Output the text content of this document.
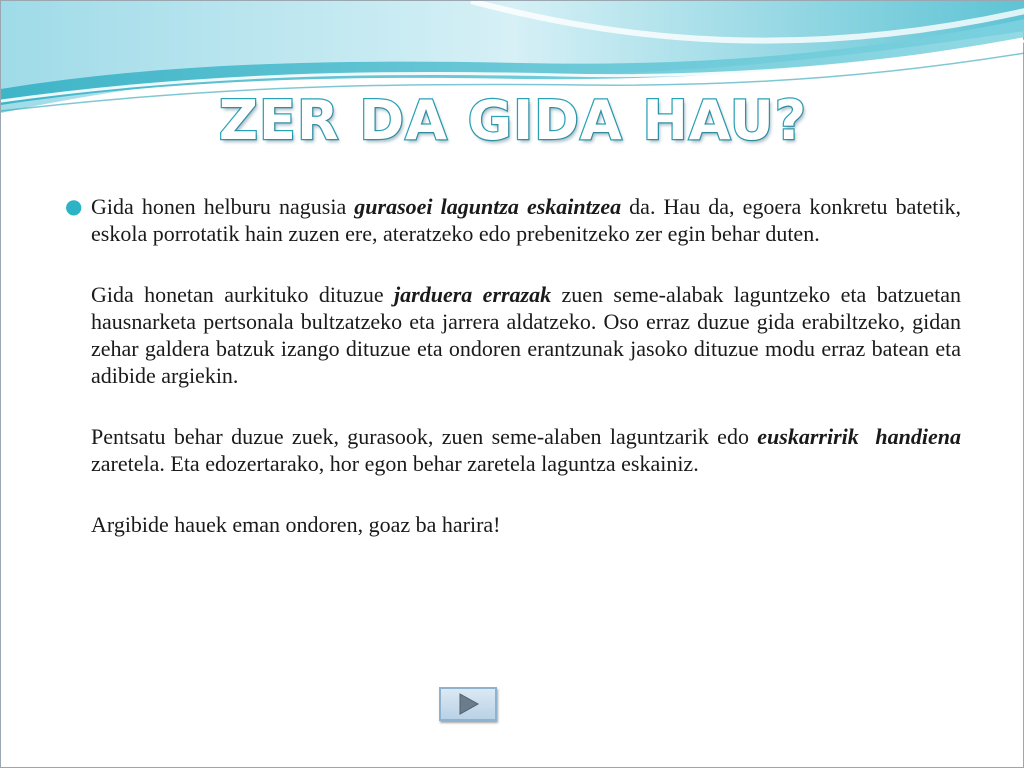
ZER DA GIDA HAU?

● Gida honen helburu nagusia gurasoei laguntza eskaintzea da. Hau da, egoera konkretu batetik, eskola porrotatik hain zuzen ere, ateratzeko edo prebenitzeko zer egin behar duten.

Gida honetan aurkituko dituzue jarduera errazak zuen seme-alabak laguntzeko eta batzuetan hausnarketa pertsonala bultzatzeko eta jarrera aldatzeko. Oso erraz duzue gida erabiltzeko, gidan zehar galdera batzuk izango dituzue eta ondoren erantzunak jasoko dituzue modu erraz batean eta adibide argiekin.

Pentsatu behar duzue zuek, gurasook, zuen seme-alaben laguntzarik edo euskarririk  handiena zaretela. Eta edozertarako, hor egon behar zaretela laguntza eskainiz.

Argibide hauek eman ondoren, goaz ba harira!
